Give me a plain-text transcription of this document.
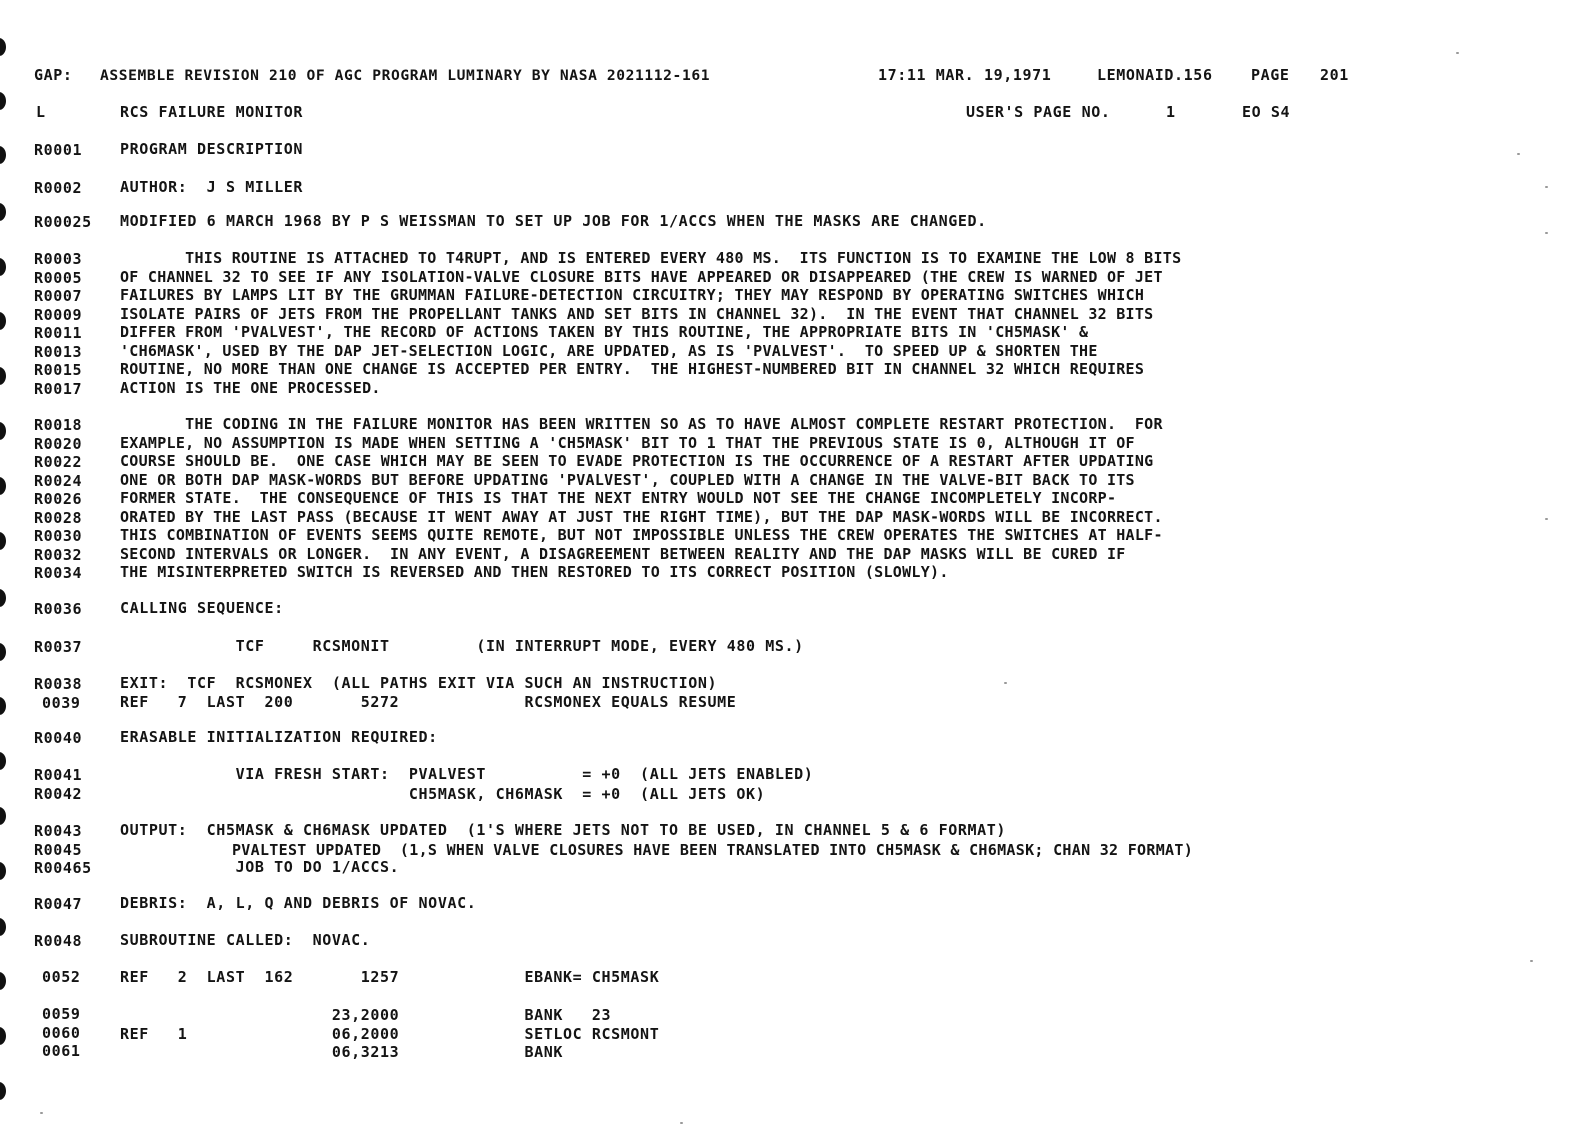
GAP: ASSEMBLE REVISION 210 OF AGC PROGRAM LUMINARY BY NASA 2021112-161	17:11 MAR. 19,1971	LEMONAID.156	PAGE 201
L	RCS FAILURE MONITOR	USER'S PAGE NO.	1	EO S4
R0001	PROGRAM DESCRIPTION
R0002	AUTHOR:  J S MILLER
R00025 MODIFIED 6 MARCH 1968 BY P S WEISSMAN TO SET UP JOB FOR 1/ACCS WHEN THE MASKS ARE CHANGED.
R0003	THIS ROUTINE IS ATTACHED TO T4RUPT, AND IS ENTERED EVERY 480 MS.  ITS FUNCTION IS TO EXAMINE THE LOW 8 BITS
R0005	OF CHANNEL 32 TO SEE IF ANY ISOLATION-VALVE CLOSURE BITS HAVE APPEARED OR DISAPPEARED (THE CREW IS WARNED OF JET
R0007	FAILURES BY LAMPS LIT BY THE GRUMMAN FAILURE-DETECTION CIRCUITRY; THEY MAY RESPOND BY OPERATING SWITCHES WHICH
R0009	ISOLATE PAIRS OF JETS FROM THE PROPELLANT TANKS AND SET BITS IN CHANNEL 32).  IN THE EVENT THAT CHANNEL 32 BITS
R0011	DIFFER FROM 'PVALVEST', THE RECORD OF ACTIONS TAKEN BY THIS ROUTINE, THE APPROPRIATE BITS IN 'CH5MASK' &
R0013	'CH6MASK', USED BY THE DAP JET-SELECTION LOGIC, ARE UPDATED, AS IS 'PVALVEST'.  TO SPEED UP & SHORTEN THE
R0015	ROUTINE, NO MORE THAN ONE CHANGE IS ACCEPTED PER ENTRY.  THE HIGHEST-NUMBERED BIT IN CHANNEL 32 WHICH REQUIRES
R0017	ACTION IS THE ONE PROCESSED.
R0018	THE CODING IN THE FAILURE MONITOR HAS BEEN WRITTEN SO AS TO HAVE ALMOST COMPLETE RESTART PROTECTION.  FOR
R0020	EXAMPLE, NO ASSUMPTION IS MADE WHEN SETTING A 'CH5MASK' BIT TO 1 THAT THE PREVIOUS STATE IS 0, ALTHOUGH IT OF
R0022	COURSE SHOULD BE.  ONE CASE WHICH MAY BE SEEN TO EVADE PROTECTION IS THE OCCURRENCE OF A RESTART AFTER UPDATING
R0024	ONE OR BOTH DAP MASK-WORDS BUT BEFORE UPDATING 'PVALVEST', COUPLED WITH A CHANGE IN THE VALVE-BIT BACK TO ITS
R0026	FORMER STATE.  THE CONSEQUENCE OF THIS IS THAT THE NEXT ENTRY WOULD NOT SEE THE CHANGE INCOMPLETELY INCORP-
R0028	ORATED BY THE LAST PASS (BECAUSE IT WENT AWAY AT JUST THE RIGHT TIME), BUT THE DAP MASK-WORDS WILL BE INCORRECT.
R0030	THIS COMBINATION OF EVENTS SEEMS QUITE REMOTE, BUT NOT IMPOSSIBLE UNLESS THE CREW OPERATES THE SWITCHES AT HALF-
R0032	SECOND INTERVALS OR LONGER.  IN ANY EVENT, A DISAGREEMENT BETWEEN REALITY AND THE DAP MASKS WILL BE CURED IF
R0034	THE MISINTERPRETED SWITCH IS REVERSED AND THEN RESTORED TO ITS CORRECT POSITION (SLOWLY).
R0036	CALLING SEQUENCE:
R0037	TCF     RCSMONIT         (IN INTERRUPT MODE, EVERY 480 MS.)
R0038	EXIT:  TCF  RCSMONEX  (ALL PATHS EXIT VIA SUCH AN INSTRUCTION)
0039	REF   7  LAST  200       5272             RCSMONEX EQUALS RESUME
R0040	ERASABLE INITIALIZATION REQUIRED:
R0041	VIA FRESH START:  PVALVEST          = +0  (ALL JETS ENABLED)
R0042	CH5MASK, CH6MASK  = +0  (ALL JETS OK)
R0043	OUTPUT:  CH5MASK & CH6MASK UPDATED  (1'S WHERE JETS NOT TO BE USED, IN CHANNEL 5 & 6 FORMAT)
R0045	PVALTEST UPDATED  (1,S WHEN VALVE CLOSURES HAVE BEEN TRANSLATED INTO CH5MASK & CH6MASK; CHAN 32 FORMAT)
R00465 JOB TO DO 1/ACCS.
R0047	DEBRIS:  A, L, Q AND DEBRIS OF NOVAC.
R0048	SUBROUTINE CALLED:  NOVAC.
0052	REF   2  LAST  162       1257             EBANK= CH5MASK
0059	23,2000             BANK   23
0060	REF   1               06,2000             SETLOC RCSMONT
0061	06,3213             BANK
